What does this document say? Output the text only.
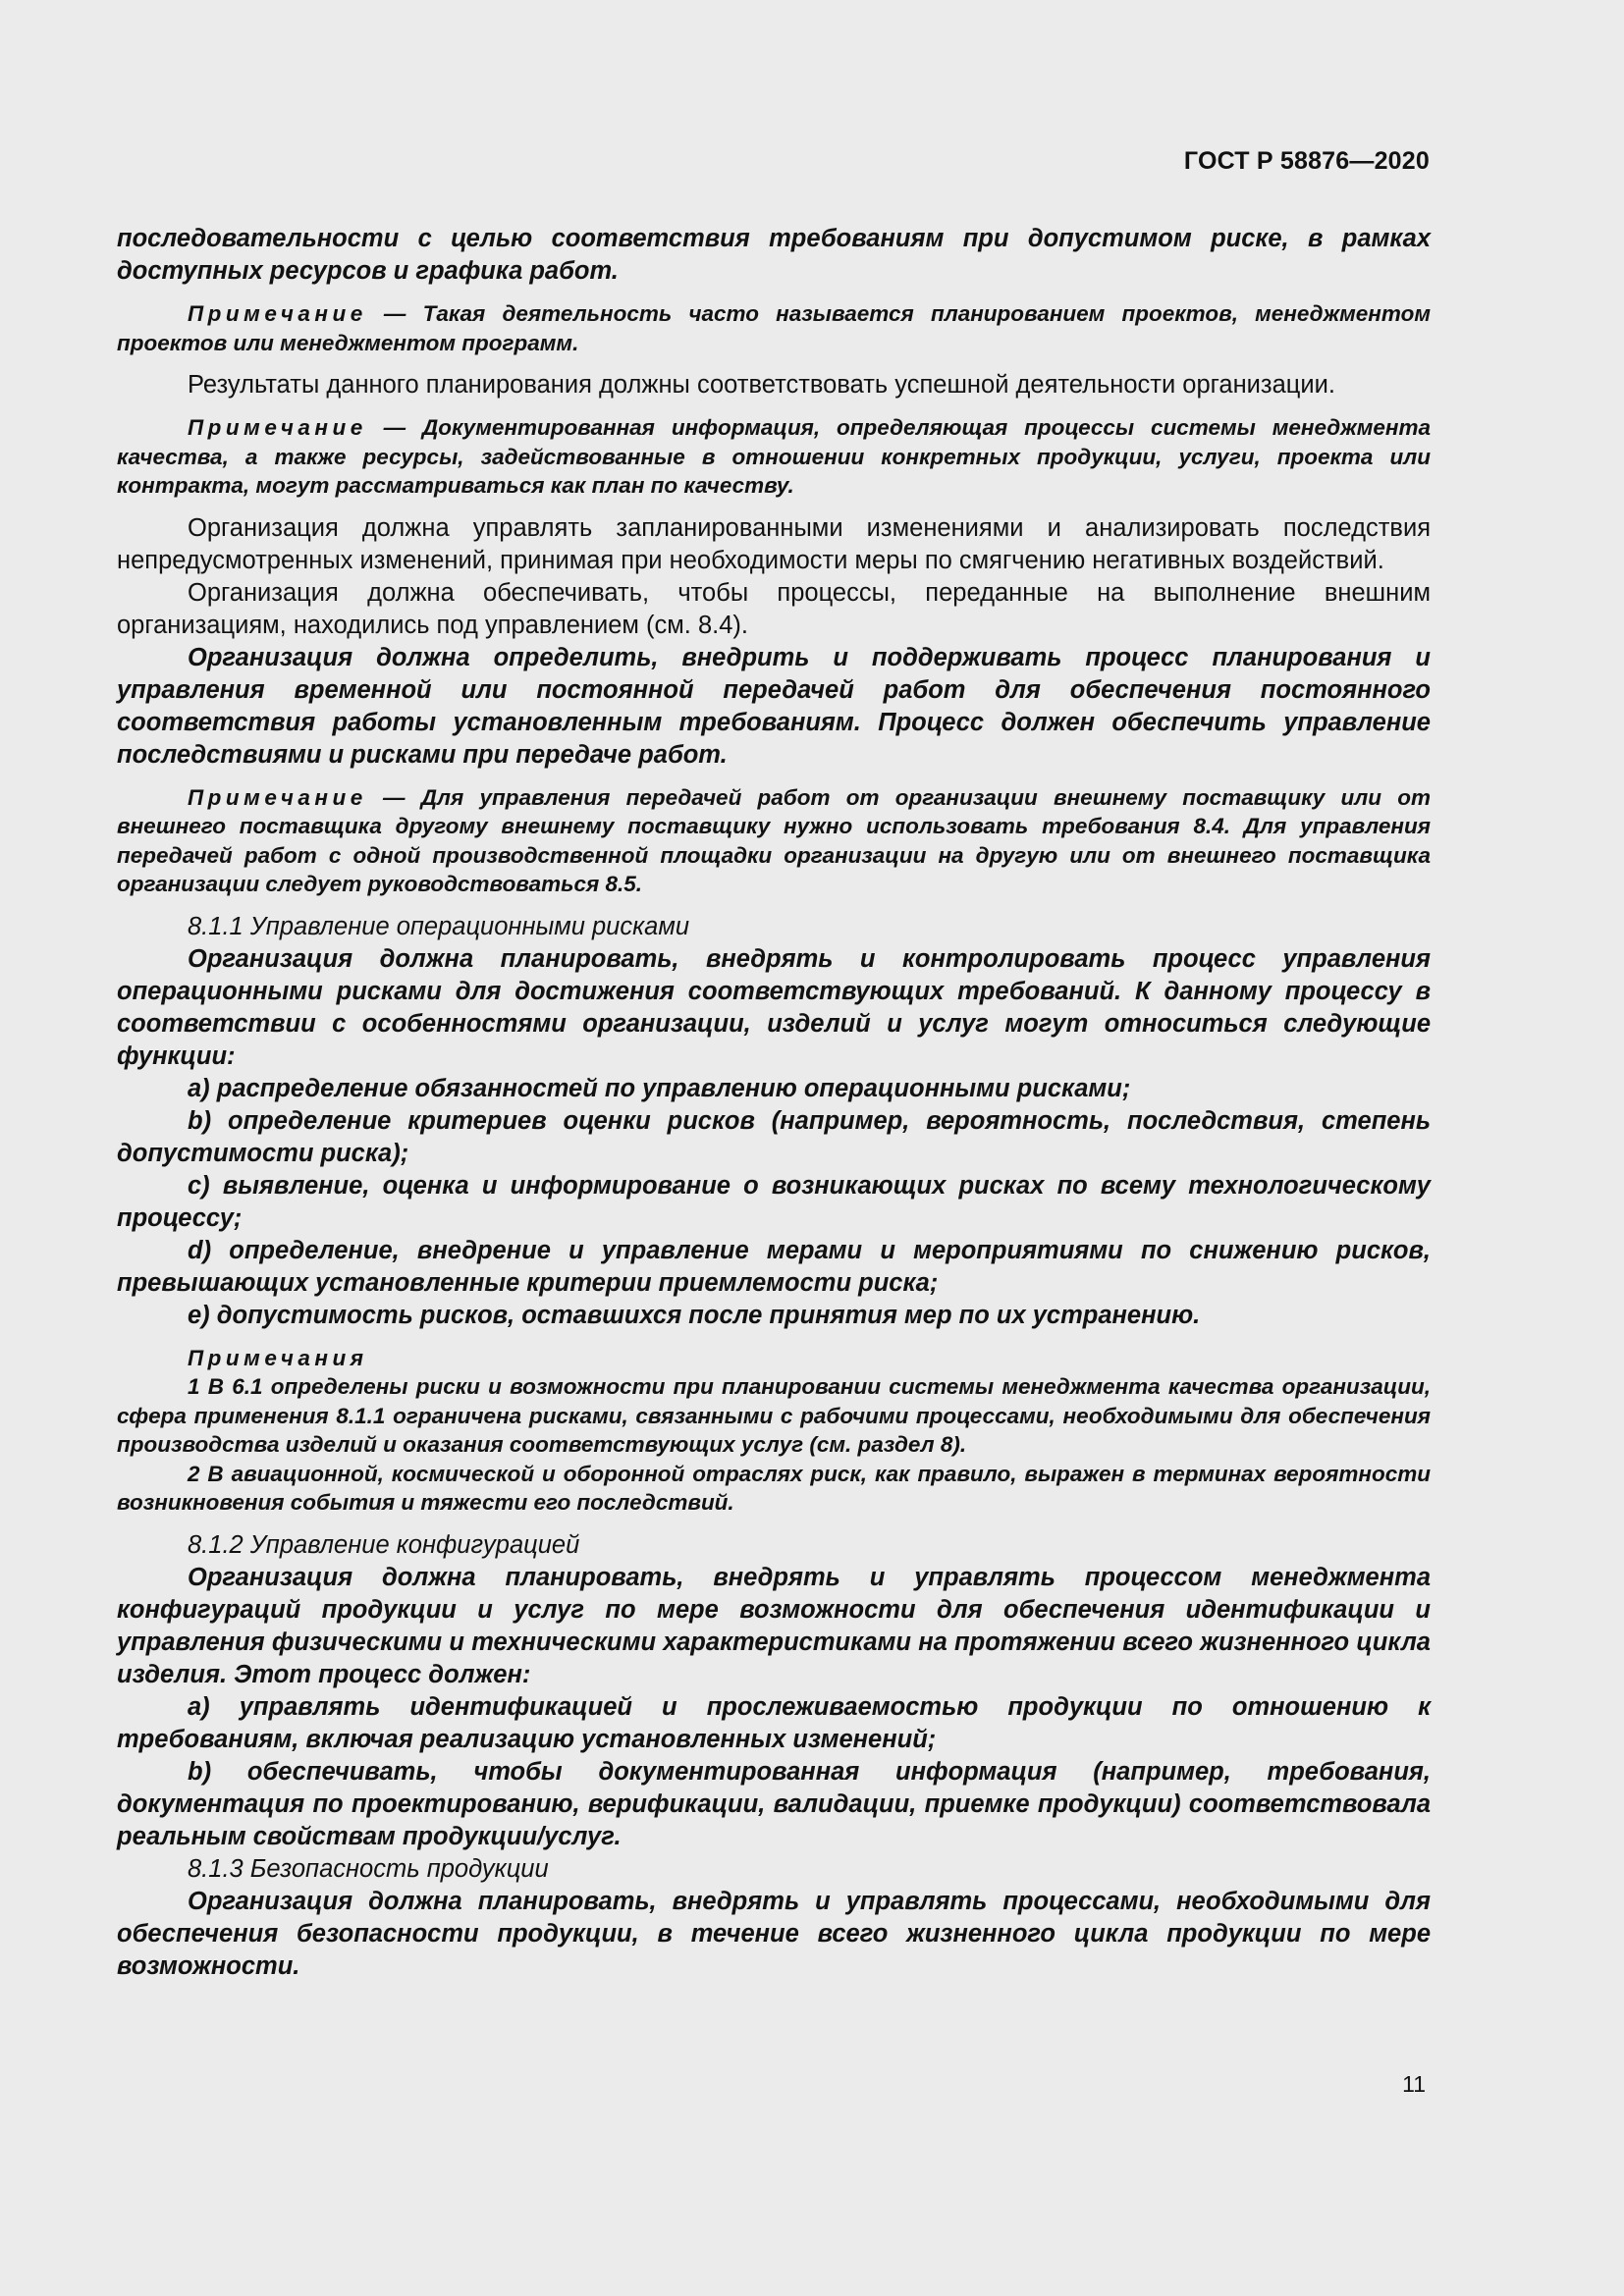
ГОСТ Р 58876—2020

последовательности с целью соответствия требованиям при допустимом риске, в рамках доступных ресурсов и графика работ.

Примечание — Такая деятельность часто называется планированием проектов, менеджментом проектов или менеджментом программ.

Результаты данного планирования должны соответствовать успешной деятельности организации.

Примечание — Документированная информация, определяющая процессы системы менеджмента качества, а также ресурсы, задействованные в отношении конкретных продукции, услуги, проекта или контракта, могут рассматриваться как план по качеству.

Организация должна управлять запланированными изменениями и анализировать последствия непредусмотренных изменений, принимая при необходимости меры по смягчению негативных воздействий.

Организация должна обеспечивать, чтобы процессы, переданные на выполнение внешним организациям, находились под управлением (см. 8.4).

Организация должна определить, внедрить и поддерживать процесс планирования и управления временной или постоянной передачей работ для обеспечения постоянного соответствия работы установленным требованиям. Процесс должен обеспечить управление последствиями и рисками при передаче работ.

Примечание — Для управления передачей работ от организации внешнему поставщику или от внешнего поставщика другому внешнему поставщику нужно использовать требования 8.4. Для управления передачей работ с одной производственной площадки организации на другую или от внешнего поставщика организации следует руководствоваться 8.5.

8.1.1 Управление операционными рисками

Организация должна планировать, внедрять и контролировать процесс управления операционными рисками для достижения соответствующих требований. К данному процессу в соответствии с особенностями организации, изделий и услуг могут относиться следующие функции:

a) распределение обязанностей по управлению операционными рисками;

b) определение критериев оценки рисков (например, вероятность, последствия, степень допустимости риска);

c) выявление, оценка и информирование о возникающих рисках по всему технологическому процессу;

d) определение, внедрение и управление мерами и мероприятиями по снижению рисков, превышающих установленные критерии приемлемости риска;

e) допустимость рисков, оставшихся после принятия мер по их устранению.

Примечания

1 В 6.1 определены риски и возможности при планировании системы менеджмента качества организации, сфера применения 8.1.1 ограничена рисками, связанными с рабочими процессами, необходимыми для обеспечения производства изделий и оказания соответствующих услуг (см. раздел 8).

2 В авиационной, космической и оборонной отраслях риск, как правило, выражен в терминах вероятности возникновения события и тяжести его последствий.

8.1.2 Управление конфигурацией

Организация должна планировать, внедрять и управлять процессом менеджмента конфигураций продукции и услуг по мере возможности для обеспечения идентификации и управления физическими и техническими характеристиками на протяжении всего жизненного цикла изделия. Этот процесс должен:

a) управлять идентификацией и прослеживаемостью продукции по отношению к требованиям, включая реализацию установленных изменений;

b) обеспечивать, чтобы документированная информация (например, требования, документация по проектированию, верификации, валидации, приемке продукции) соответствовала реальным свойствам продукции/услуг.

8.1.3 Безопасность продукции

Организация должна планировать, внедрять и управлять процессами, необходимыми для обеспечения безопасности продукции, в течение всего жизненного цикла продукции по мере возможности.

11
